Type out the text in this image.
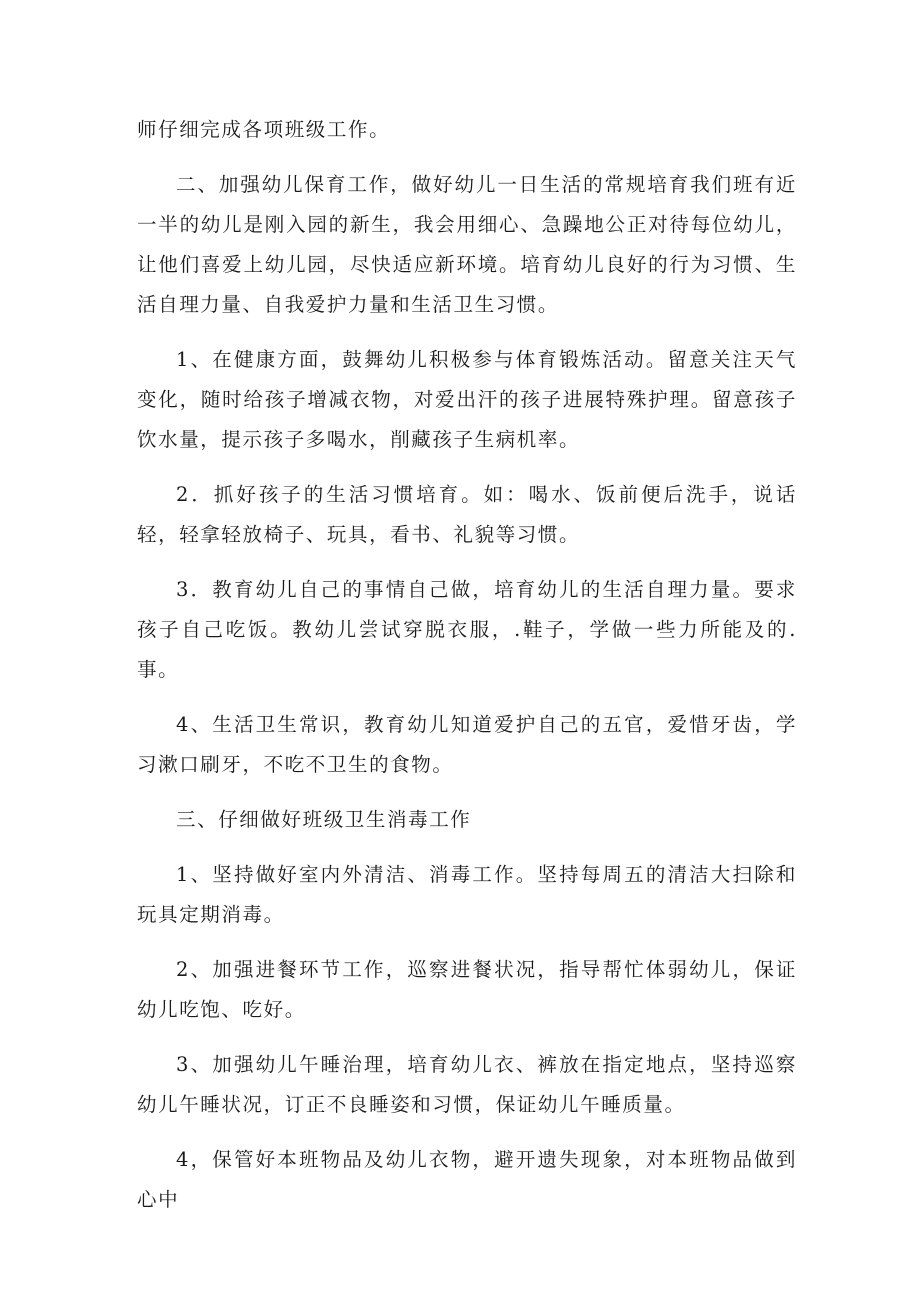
师仔细完成各项班级工作。

二、加强幼儿保育工作，做好幼儿一日生活的常规培育我们班有近一半的幼儿是刚入园的新生，我会用细心、急躁地公正对待每位幼儿，让他们喜爱上幼儿园，尽快适应新环境。培育幼儿良好的行为习惯、生活自理力量、自我爱护力量和生活卫生习惯。

1、在健康方面，鼓舞幼儿积极参与体育锻炼活动。留意关注天气变化，随时给孩子增减衣物，对爱出汗的孩子进展特殊护理。留意孩子饮水量，提示孩子多喝水，削藏孩子生病机率。

2．抓好孩子的生活习惯培育。如：喝水、饭前便后洗手，说话轻，轻拿轻放椅子、玩具，看书、礼貌等习惯。

3．教育幼儿自己的事情自己做，培育幼儿的生活自理力量。要求孩子自己吃饭。教幼儿尝试穿脱衣服，.鞋子，学做一些力所能及的.事。

4、生活卫生常识，教育幼儿知道爱护自己的五官，爱惜牙齿，学习漱口刷牙，不吃不卫生的食物。

三、仔细做好班级卫生消毒工作

1、坚持做好室内外清洁、消毒工作。坚持每周五的清洁大扫除和玩具定期消毒。

2、加强进餐环节工作，巡察进餐状况，指导帮忙体弱幼儿，保证幼儿吃饱、吃好。

3、加强幼儿午睡治理，培育幼儿衣、裤放在指定地点，坚持巡察幼儿午睡状况，订正不良睡姿和习惯，保证幼儿午睡质量。

4，保管好本班物品及幼儿衣物，避开遗失现象，对本班物品做到心中
